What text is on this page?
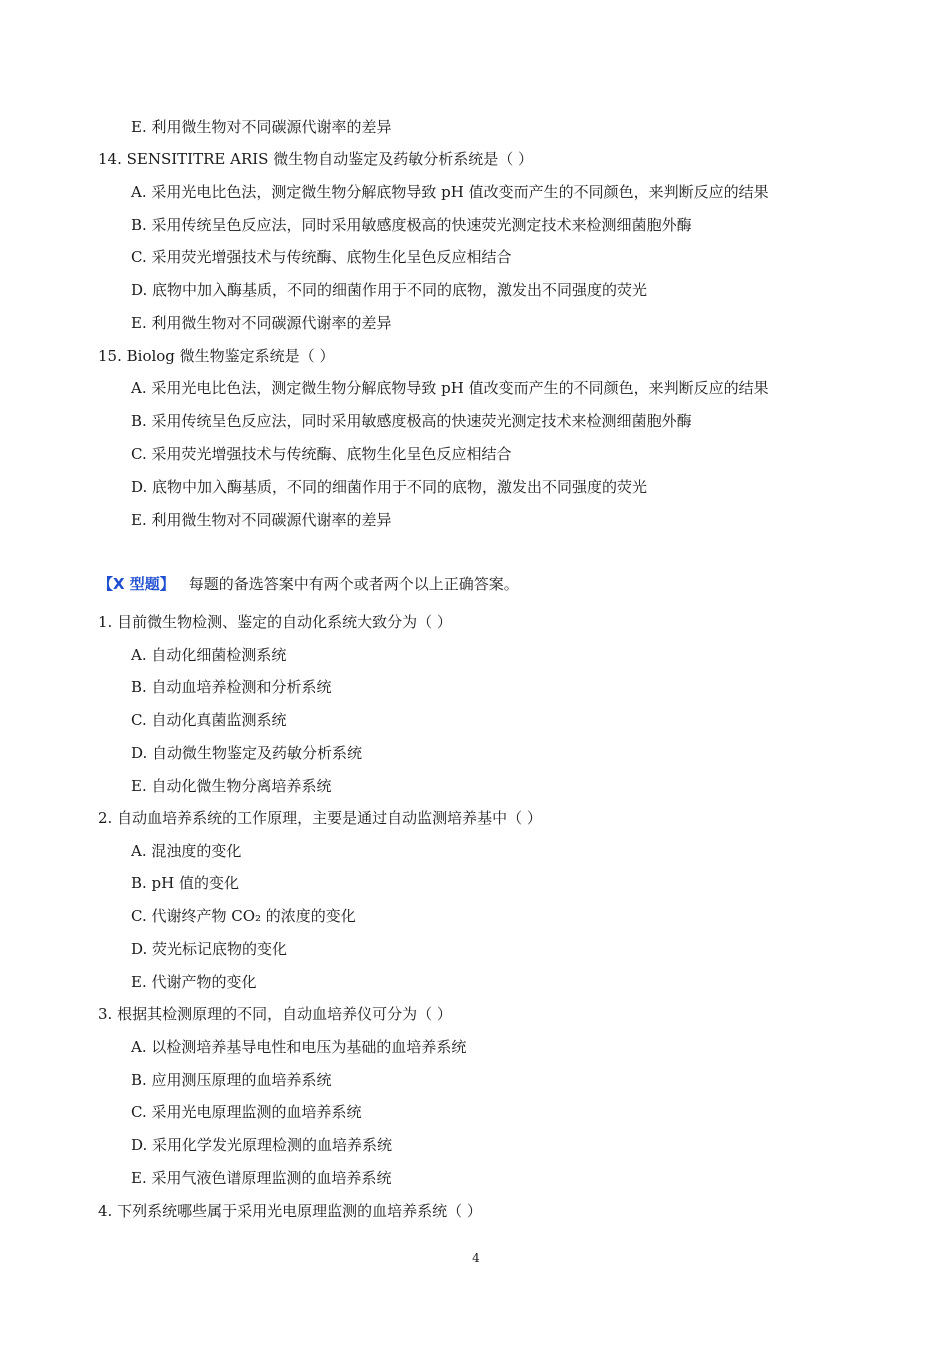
E. 利用微生物对不同碳源代谢率的差异
14. SENSITITRE ARIS 微生物自动鉴定及药敏分析系统是（ ）
A. 采用光电比色法，测定微生物分解底物导致 pH 值改变而产生的不同颜色，来判断反应的结果
B. 采用传统呈色反应法，同时采用敏感度极高的快速荧光测定技术来检测细菌胞外酶
C. 采用荧光增强技术与传统酶、底物生化呈色反应相结合
D. 底物中加入酶基质，不同的细菌作用于不同的底物，激发出不同强度的荧光
E. 利用微生物对不同碳源代谢率的差异
15. Biolog 微生物鉴定系统是（ ）
A. 采用光电比色法，测定微生物分解底物导致 pH 值改变而产生的不同颜色，来判断反应的结果
B. 采用传统呈色反应法，同时采用敏感度极高的快速荧光测定技术来检测细菌胞外酶
C. 采用荧光增强技术与传统酶、底物生化呈色反应相结合
D. 底物中加入酶基质，不同的细菌作用于不同的底物，激发出不同强度的荧光
E. 利用微生物对不同碳源代谢率的差异
【X 型题】 每题的备选答案中有两个或者两个以上正确答案。
1. 目前微生物检测、鉴定的自动化系统大致分为（ ）
A. 自动化细菌检测系统
B. 自动血培养检测和分析系统
C. 自动化真菌监测系统
D. 自动微生物鉴定及药敏分析系统
E. 自动化微生物分离培养系统
2. 自动血培养系统的工作原理，主要是通过自动监测培养基中（ ）
A. 混浊度的变化
B. pH 值的变化
C. 代谢终产物 CO₂ 的浓度的变化
D. 荧光标记底物的变化
E. 代谢产物的变化
3. 根据其检测原理的不同，自动血培养仪可分为（ ）
A. 以检测培养基导电性和电压为基础的血培养系统
B. 应用测压原理的血培养系统
C. 采用光电原理监测的血培养系统
D. 采用化学发光原理检测的血培养系统
E. 采用气液色谱原理监测的血培养系统
4. 下列系统哪些属于采用光电原理监测的血培养系统（ ）
4
